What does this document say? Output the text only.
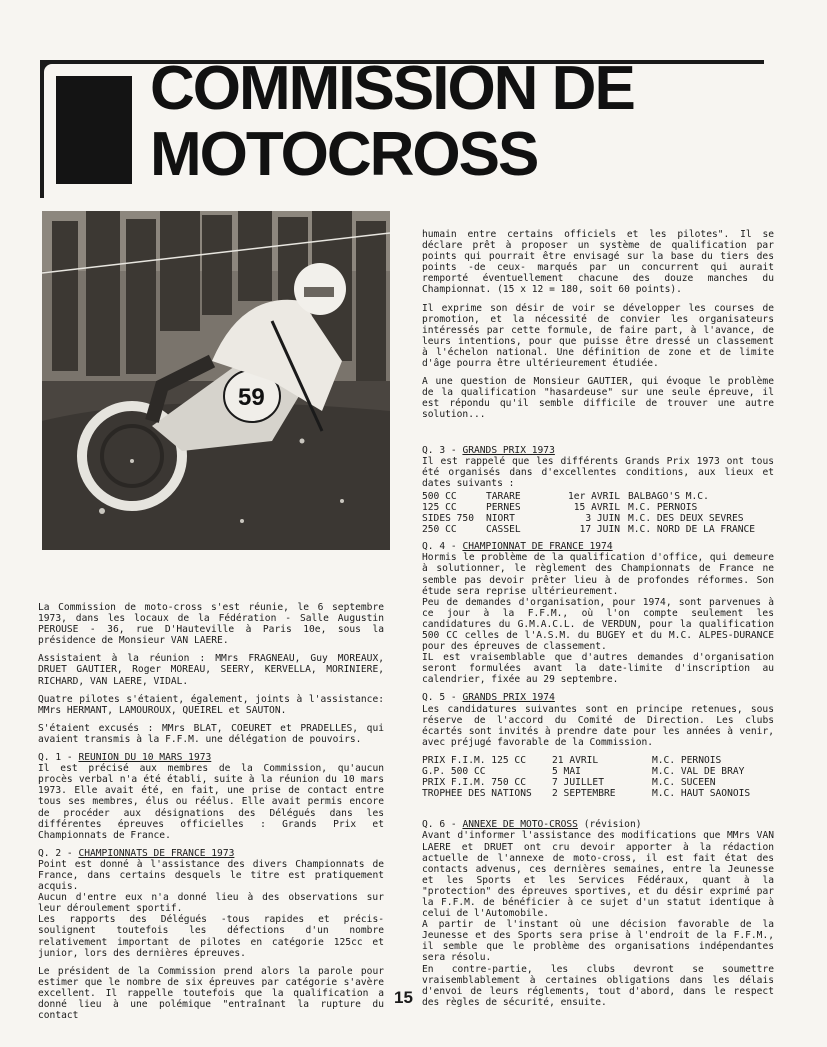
COMMISSION DE
MOTOCROSS
59

La Commission de moto-cross s'est réunie, le 6 septembre 1973, dans les locaux de la Fédération - Salle Augustin PEROUSE - 36, rue D'Hauteville à Paris 10e, sous la présidence de Monsieur VAN LAERE.

Assistaient à la réunion : MMrs FRAGNEAU, Guy MOREAUX, DRUET GAUTIER, Roger MOREAU, SEERY, KERVELLA, MORINIERE, RICHARD, VAN LAERE, VIDAL.

Quatre pilotes s'étaient, également, joints à l'assistance: MMrs HERMANT, LAMOUROUX, QUEIREL et SAUTON.

S'étaient excusés : MMrs BLAT, COEURET et PRADELLES, qui avaient transmis à la F.F.M. une délégation de pouvoirs.

Q. 1 - REUNION DU 10 MARS 1973

Il est précisé aux membres de la Commission, qu'aucun procès verbal n'a été établi, suite à la réunion du 10 mars 1973. Elle avait été, en fait, une prise de contact entre tous ses membres, élus ou réélus. Elle avait permis encore de procéder aux désignations des Délégués dans les différentes épreuves officielles : Grands Prix et Championnats de France.

Q. 2 - CHAMPIONNATS DE FRANCE 1973

Point est donné à l'assistance des divers Championnats de France, dans certains desquels le titre est pratiquement acquis.

Aucun d'entre eux n'a donné lieu à des observations sur leur déroulement sportif.

Les rapports des Délégués -tous rapides et précis- soulignent toutefois les défections d'un nombre relativement important de pilotes en catégorie 125cc et junior, lors des dernières épreuves.

Le président de la Commission prend alors la parole pour estimer que le nombre de six épreuves par catégorie s'avère excellent. Il rappelle toutefois que la qualification a donné lieu à une polémique "entraînant la rupture du contact

humain entre certains officiels et les pilotes". Il se déclare prêt à proposer un système de qualification par points qui pourrait être envisagé sur la base du tiers des points -de ceux- marqués par un concurrent qui aurait remporté éventuellement chacune des douze manches du Championnat. (15 x 12 = 180, soit 60 points).

Il exprime son désir de voir se développer les courses de promotion, et la nécessité de convier les organisateurs intéressés par cette formule, de faire part, à l'avance, de leurs intentions, pour que puisse être dressé un classement à l'échelon national. Une définition de zone et de limite d'âge pourra être ultérieurement étudiée.

A une question de Monsieur GAUTIER, qui évoque le problème de la qualification "hasardeuse" sur une seule épreuve, il est répondu qu'il semble difficile de trouver une autre solution...

Q. 3 - GRANDS PRIX 1973

Il est rappelé que les différents Grands Prix 1973 ont tous été organisés dans d'excellentes conditions, aux lieux et dates suivants :

500 CC	TARARE	1er AVRIL	BALBAGO'S M.C.
125 CC	PERNES	15 AVRIL	M.C. PERNOIS
SIDES 750	NIORT	3 JUIN	M.C. DES DEUX SEVRES
250 CC	CASSEL	17 JUIN	M.C. NORD DE LA FRANCE
Q. 4 - CHAMPIONNAT DE FRANCE 1974

Hormis le problème de la qualification d'office, qui demeure à solutionner, le règlement des Championnats de France ne semble pas devoir prêter lieu à de profondes réformes. Son étude sera reprise ultérieurement.

Peu de demandes d'organisation, pour 1974, sont parvenues à ce jour à la F.F.M., où l'on compte seulement les candidatures du G.M.A.C.L. de VERDUN, pour la qualification 500 CC celles de l'A.S.M. du BUGEY et du M.C. ALPES-DURANCE pour des épreuves de classement.

IL est vraisemblable que d'autres demandes d'organisation seront formulées avant la date-limite d'inscription au calendrier, fixée au 29 septembre.

Q. 5 - GRANDS PRIX 1974

Les candidatures suivantes sont en principe retenues, sous réserve de l'accord du Comité de Direction. Les clubs écartés sont invités à prendre date pour les années à venir, avec préjugé favorable de la Commission.

PRIX F.I.M. 125 CC	21 AVRIL	M.C. PERNOIS
G.P. 500 CC	5 MAI	M.C. VAL DE BRAY
PRIX F.I.M. 750 CC	7 JUILLET	M.C. SUCEEN
TROPHEE DES NATIONS	2 SEPTEMBRE	M.C. HAUT SAONOIS
Q. 6 - ANNEXE DE MOTO-CROSS (révision)

Avant d'informer l'assistance des modifications que MMrs VAN LAERE et DRUET ont cru devoir apporter à la rédaction actuelle de l'annexe de moto-cross, il est fait état des contacts advenus, ces dernières semaines, entre la Jeunesse et les Sports et les Services Fédéraux, quant à la "protection" des épreuves sportives, et du désir exprimé par la F.F.M. de bénéficier à ce sujet d'un statut identique à celui de l'Automobile.

A partir de l'instant où une décision favorable de la Jeunesse et des Sports sera prise à l'endroit de la F.F.M., il semble que le problème des organisations indépendantes sera résolu.

En contre-partie, les clubs devront se soumettre vraisemblablement à certaines obligations dans les délais d'envoi de leurs réglements, tout d'abord, dans le respect des règles de sécurité, ensuite.

15
